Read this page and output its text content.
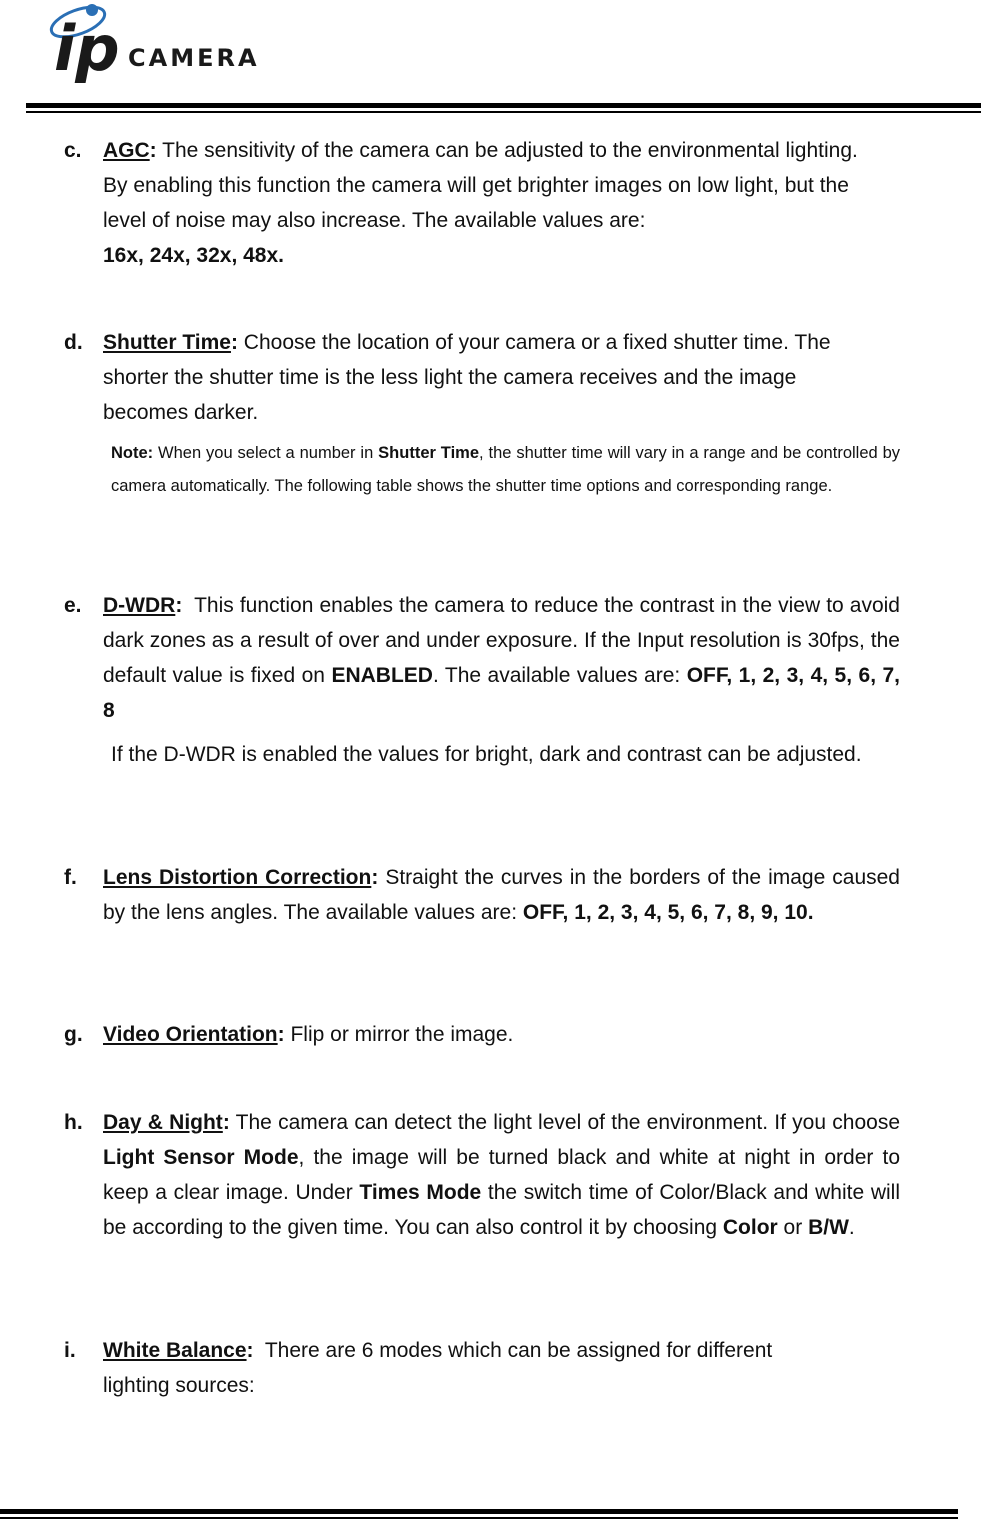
ip CAMERA
c. AGC: The sensitivity of the camera can be adjusted to the environmental lighting. By enabling this function the camera will get brighter images on low light, but the level of noise may also increase. The available values are:
16x, 24x, 32x, 48x.
d. Shutter Time: Choose the location of your camera or a fixed shutter time. The shorter the shutter time is the less light the camera receives and the image becomes darker.
Note: When you select a number in Shutter Time, the shutter time will vary in a range and be controlled by camera automatically. The following table shows the shutter time options and corresponding range.
e. D-WDR:  This function enables the camera to reduce the contrast in the view to avoid dark zones as a result of over and under exposure. If the Input resolution is 30fps, the default value is fixed on ENABLED. The available values are: OFF, 1, 2, 3, 4, 5, 6, 7, 8
If the D-WDR is enabled the values for bright, dark and contrast can be adjusted.
f. Lens Distortion Correction: Straight the curves in the borders of the image caused by the lens angles. The available values are: OFF, 1, 2, 3, 4, 5, 6, 7, 8, 9, 10.
g. Video Orientation: Flip or mirror the image.
h. Day & Night: The camera can detect the light level of the environment. If you choose Light Sensor Mode, the image will be turned black and white at night in order to keep a clear image. Under Times Mode the switch time of Color/Black and white will be according to the given time. You can also control it by choosing Color or B/W.
i. White Balance:  There are 6 modes which can be assigned for different lighting sources:
